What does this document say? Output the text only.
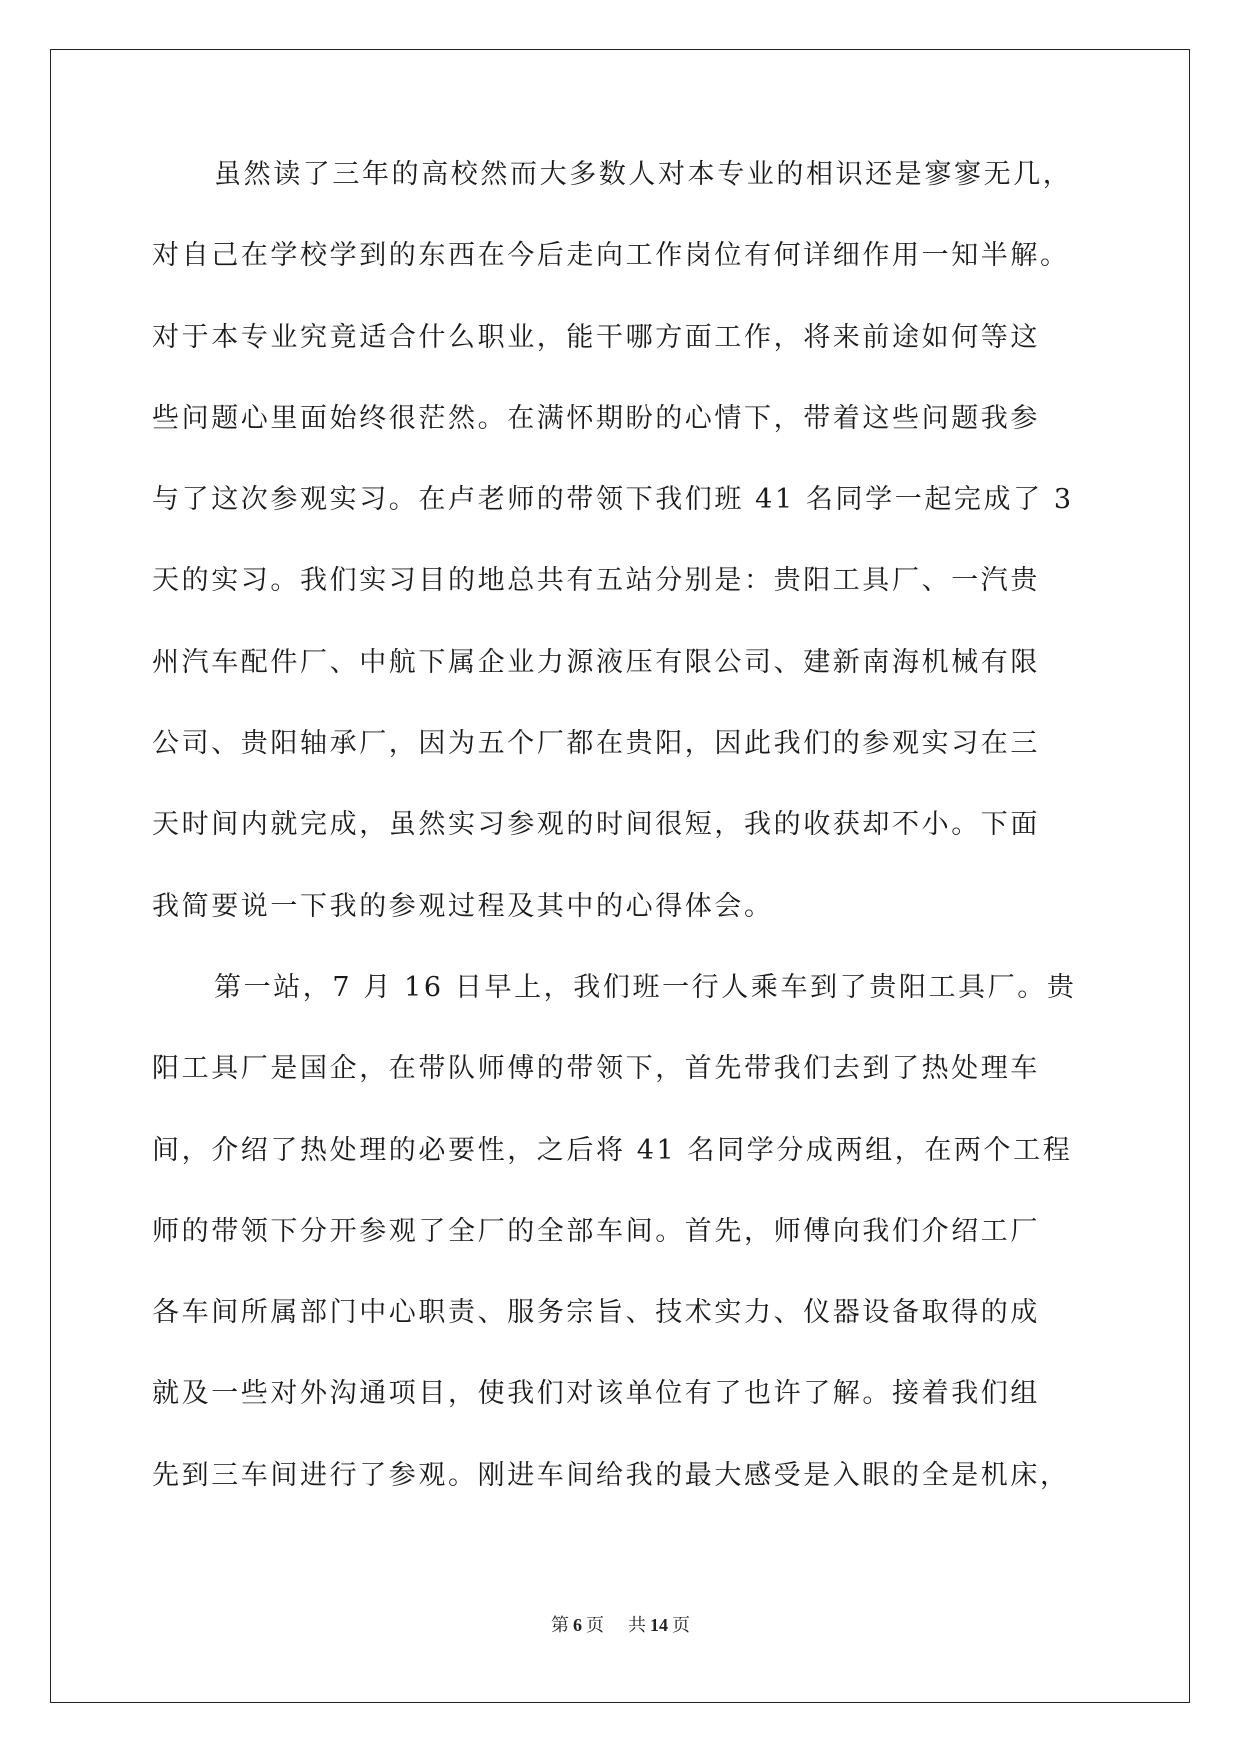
虽然读了三年的高校然而大多数人对本专业的相识还是寥寥无几，
对自己在学校学到的东西在今后走向工作岗位有何详细作用一知半解。
对于本专业究竟适合什么职业，能干哪方面工作，将来前途如何等这
些问题心里面始终很茫然。在满怀期盼的心情下，带着这些问题我参
与了这次参观实习。在卢老师的带领下我们班 41 名同学一起完成了 3
天的实习。我们实习目的地总共有五站分别是：贵阳工具厂、一汽贵
州汽车配件厂、中航下属企业力源液压有限公司、建新南海机械有限
公司、贵阳轴承厂，因为五个厂都在贵阳，因此我们的参观实习在三
天时间内就完成，虽然实习参观的时间很短，我的收获却不小。下面
我简要说一下我的参观过程及其中的心得体会。
第一站，7 月 16 日早上，我们班一行人乘车到了贵阳工具厂。贵
阳工具厂是国企，在带队师傅的带领下，首先带我们去到了热处理车
间，介绍了热处理的必要性，之后将 41 名同学分成两组，在两个工程
师的带领下分开参观了全厂的全部车间。首先，师傅向我们介绍工厂
各车间所属部门中心职责、服务宗旨、技术实力、仪器设备取得的成
就及一些对外沟通项目，使我们对该单位有了也许了解。接着我们组
先到三车间进行了参观。刚进车间给我的最大感受是入眼的全是机床，
第 6 页 共 14 页
